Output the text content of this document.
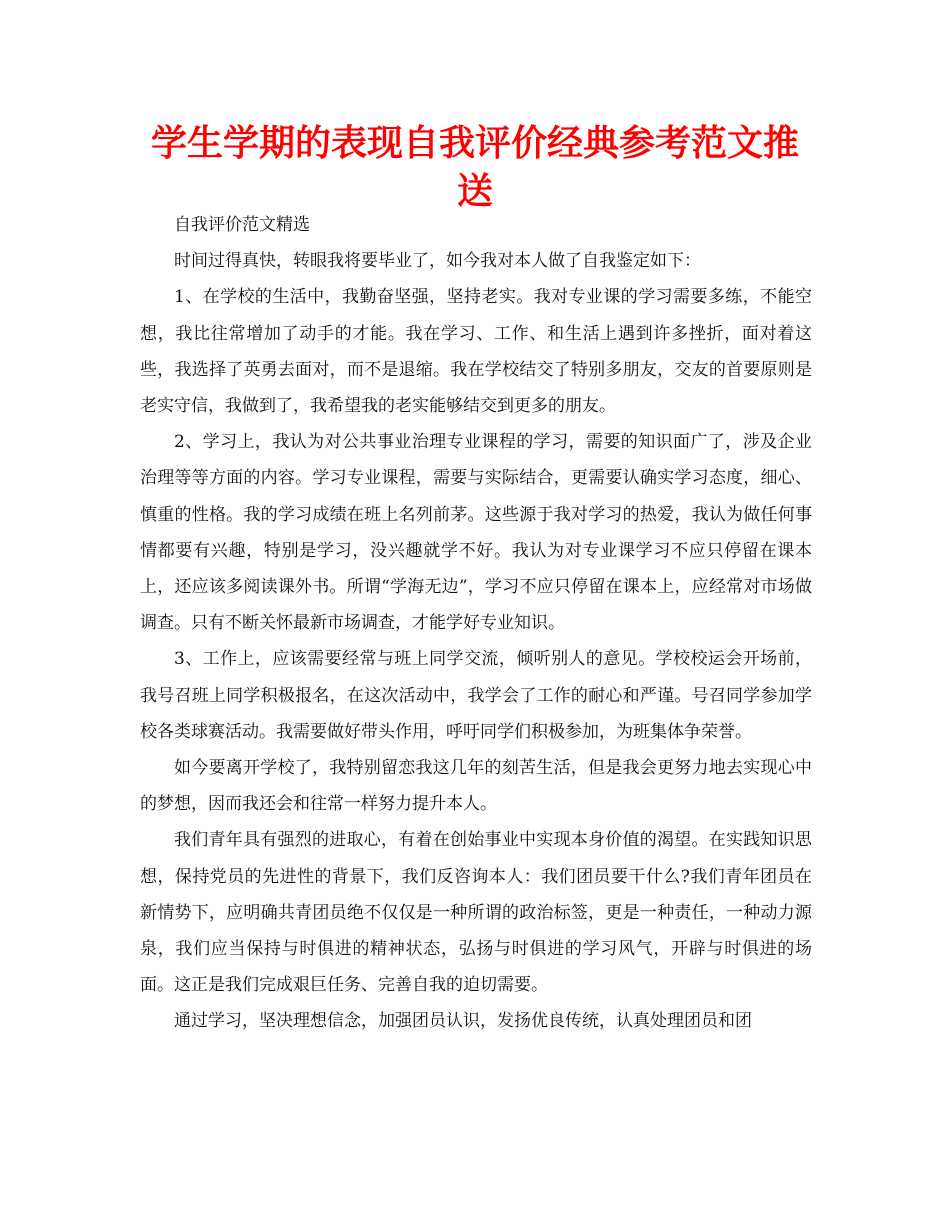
学生学期的表现自我评价经典参考范文推送

自我评价范文精选

时间过得真快，转眼我将要毕业了，如今我对本人做了自我鉴定如下：

1、在学校的生活中，我勤奋坚强，坚持老实。我对专业课的学习需要多练，不能空想，我比往常增加了动手的才能。我在学习、工作、和生活上遇到许多挫折，面对着这些，我选择了英勇去面对，而不是退缩。我在学校结交了特别多朋友，交友的首要原则是老实守信，我做到了，我希望我的老实能够结交到更多的朋友。

2、学习上，我认为对公共事业治理专业课程的学习，需要的知识面广了，涉及企业治理等等方面的内容。学习专业课程，需要与实际结合，更需要认确实学习态度，细心、慎重的性格。我的学习成绩在班上名列前茅。这些源于我对学习的热爱，我认为做任何事情都要有兴趣，特别是学习，没兴趣就学不好。我认为对专业课学习不应只停留在课本上，还应该多阅读课外书。所谓“学海无边”，学习不应只停留在课本上，应经常对市场做调查。只有不断关怀最新市场调查，才能学好专业知识。

3、工作上，应该需要经常与班上同学交流，倾听别人的意见。学校校运会开场前，我号召班上同学积极报名，在这次活动中，我学会了工作的耐心和严谨。号召同学参加学校各类球赛活动。我需要做好带头作用，呼吁同学们积极参加，为班集体争荣誉。

如今要离开学校了，我特别留恋我这几年的刻苦生活，但是我会更努力地去实现心中的梦想，因而我还会和往常一样努力提升本人。

我们青年具有强烈的进取心，有着在创始事业中实现本身价值的渴望。在实践知识思想，保持党员的先进性的背景下，我们反咨询本人：我们团员要干什么?我们青年团员在新情势下，应明确共青团员绝不仅仅是一种所谓的政治标签，更是一种责任，一种动力源泉，我们应当保持与时俱进的精神状态，弘扬与时俱进的学习风气，开辟与时俱进的场面。这正是我们完成艰巨任务、完善自我的迫切需要。

通过学习，坚决理想信念，加强团员认识，发扬优良传统，认真处理团员和团
